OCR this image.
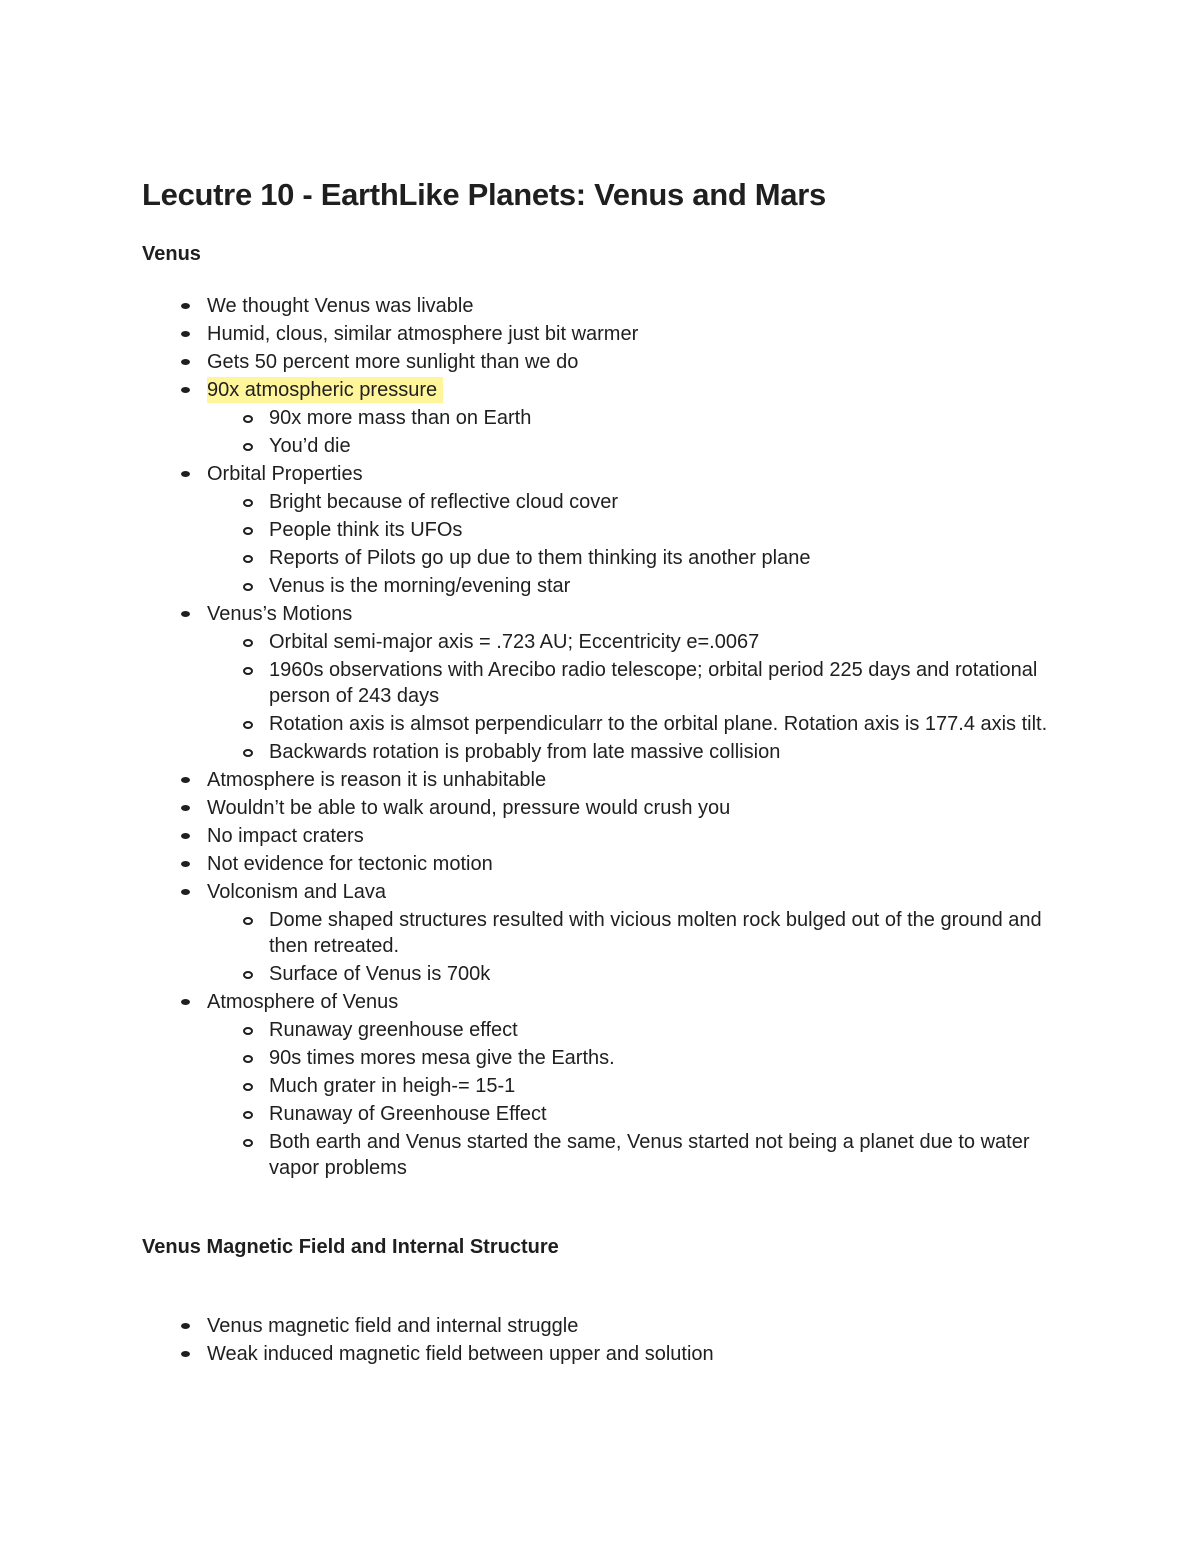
Lecutre 10 - EarthLike Planets: Venus and Mars
Venus
We thought Venus was livable
Humid, clous, similar atmosphere just bit warmer
Gets 50 percent more sunlight than we do
90x atmospheric pressure
90x more mass than on Earth
You’d die
Orbital Properties
Bright because of reflective cloud cover
People think its UFOs
Reports of Pilots go up due to them thinking its another plane
Venus is the morning/evening star
Venus’s Motions
Orbital semi-major axis = .723 AU; Eccentricity e=.0067
1960s observations with Arecibo radio telescope; orbital period 225 days and rotational person of 243 days
Rotation axis is almsot perpendicularr to the orbital plane. Rotation axis is 177.4 axis tilt.
Backwards rotation is probably from late massive collision
Atmosphere is reason it is unhabitable
Wouldn’t be able to walk around, pressure would crush you
No impact craters
Not evidence for tectonic motion
Volconism and Lava
Dome shaped structures resulted with vicious molten rock bulged out of the ground and then retreated.
Surface of Venus is 700k
Atmosphere of Venus
Runaway greenhouse effect
90s times mores mesa give the Earths.
Much grater in heigh-= 15-1
Runaway of Greenhouse Effect
Both earth and Venus started the same, Venus started not being a planet due to water vapor problems
Venus Magnetic Field and Internal Structure
Venus magnetic field and internal struggle
Weak induced magnetic field between upper and solution
